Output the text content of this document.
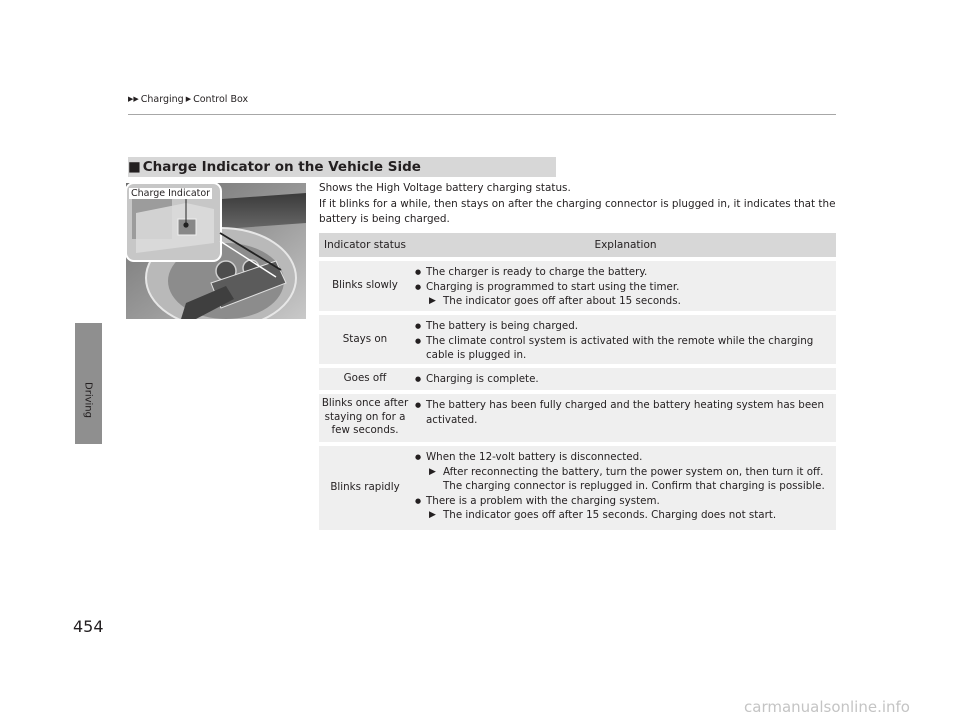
▶▶ Charging ▶ Control Box
Driving
454
■ Charge Indicator on the Vehicle Side
Charge Indicator	Shows the High Voltage battery charging status.

If it blinks for a while, then stays on after the charging connector is plugged in, it indicates that the battery is being charged.

Indicator status	Explanation
Blinks slowly
● The charger is ready to charge the battery.
● Charging is programmed to start using the timer.
▶ The indicator goes off after about 15 seconds.
Stays on
● The battery is being charged.
● The climate control system is activated with the remote while the charging cable is plugged in.
Goes off
●	Charging is complete.
Blinks once after staying on for a few seconds.
● The battery has been fully charged and the battery heating system has been activated.
Blinks rapidly
● When the 12-volt battery is disconnected.
▶ After reconnecting the battery, turn the power system on, then turn it off. The charging connector is replugged in. Confirm that charging is possible.
● There is a problem with the charging system.
▶ The indicator goes off after 15 seconds. Charging does not start.
carmanualsonline.info
